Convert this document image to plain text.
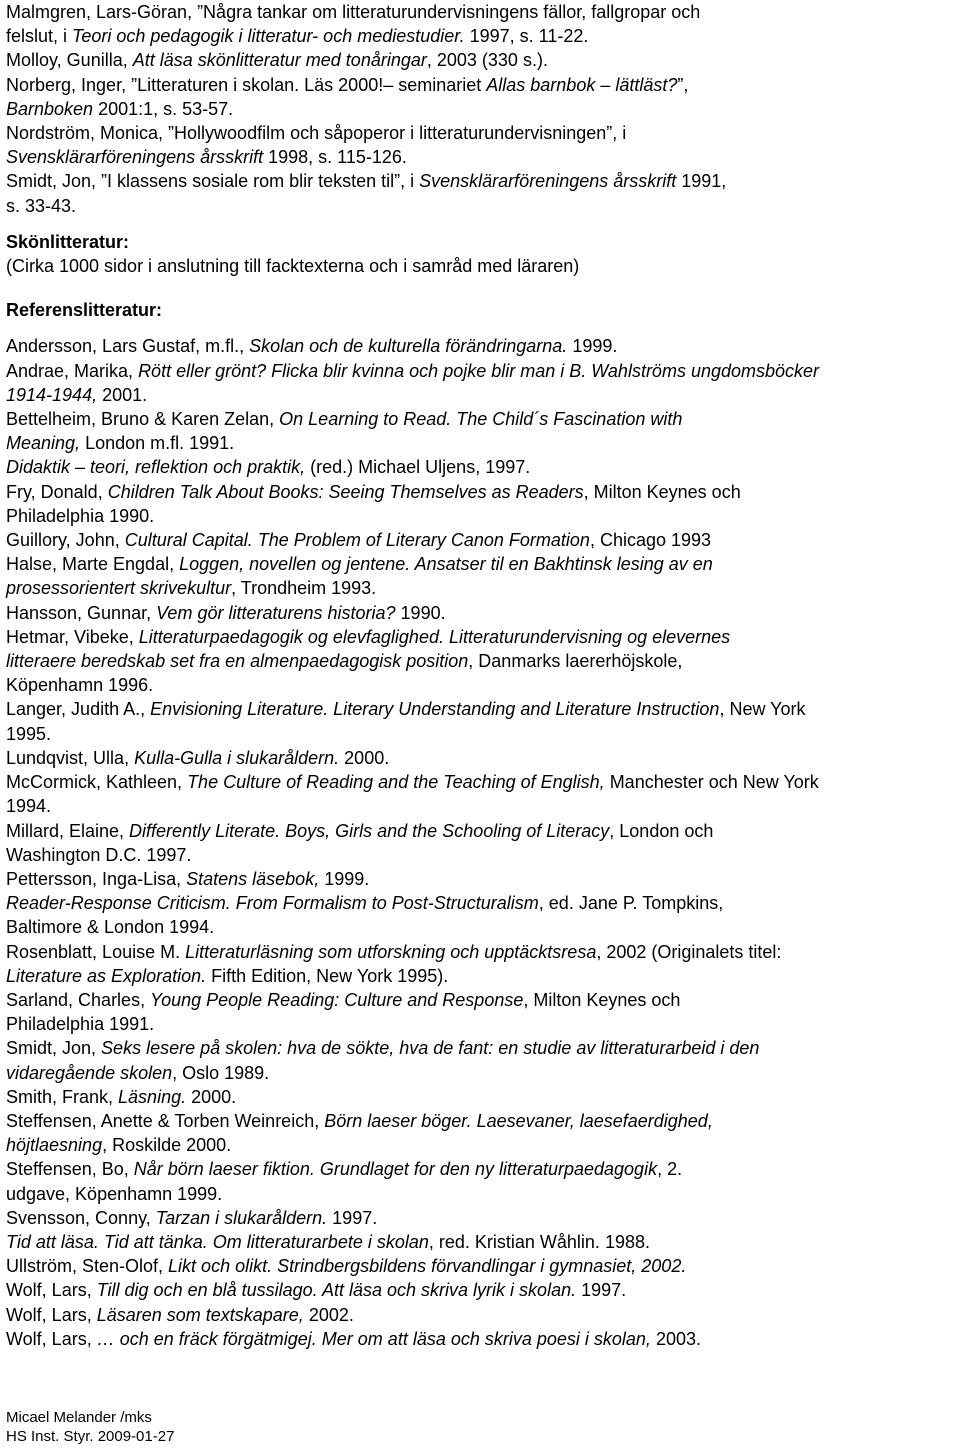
Malmgren, Lars-Göran, ”Några tankar om litteraturundervisningens fällor, fallgropar och
felslut, i Teori och pedagogik i litteratur- och mediestudier. 1997, s. 11-22.
Molloy, Gunilla, Att läsa skönlitteratur med tonåringar, 2003 (330 s.).
Norberg, Inger, ”Litteraturen i skolan. Läs 2000!– seminariet Allas barnbok – lättläst?”,
Barnboken 2001:1, s. 53-57.
Nordström, Monica, ”Hollywoodfilm och såpoperor i litteraturundervisningen”, i
Svensklärarföreningens årsskrift 1998, s. 115-126.
Smidt, Jon, ”I klassens sosiale rom blir teksten til”, i Svensklärarföreningens årsskrift 1991,
s. 33-43.
Skönlitteratur:
(Cirka 1000 sidor i anslutning till facktexterna och i samråd med läraren)
Referenslitteratur:
Andersson, Lars Gustaf, m.fl., Skolan och de kulturella förändringarna. 1999.
Andrae, Marika, Rött eller grönt? Flicka blir kvinna och pojke blir man i B. Wahlströms ungdomsböcker
1914-1944, 2001.
Bettelheim, Bruno & Karen Zelan, On Learning to Read. The Child´s Fascination with
Meaning, London m.fl. 1991.
Didaktik – teori, reflektion och praktik, (red.) Michael Uljens, 1997.
Fry, Donald, Children Talk About Books: Seeing Themselves as Readers, Milton Keynes och
Philadelphia 1990.
Guillory, John, Cultural Capital. The Problem of Literary Canon Formation, Chicago 1993
Halse, Marte Engdal, Loggen, novellen og jentene. Ansatser til en Bakhtinsk lesing av en
prosessorientert skrivekultur, Trondheim 1993.
Hansson, Gunnar, Vem gör litteraturens historia? 1990.
Hetmar, Vibeke, Litteraturpaedagogik og elevfaglighed. Litteraturundervisning og elevernes
litteraere beredskab set fra en almenpaedagogisk position, Danmarks laererhöjskole,
Köpenhamn 1996.
Langer, Judith A., Envisioning Literature. Literary Understanding and Literature Instruction, New York
1995.
Lundqvist, Ulla, Kulla-Gulla i slukaråldern. 2000.
McCormick, Kathleen, The Culture of Reading and the Teaching of English, Manchester och New York
1994.
Millard, Elaine, Differently Literate. Boys, Girls and the Schooling of Literacy, London och
Washington D.C. 1997.
Pettersson, Inga-Lisa, Statens läsebok, 1999.
Reader-Response Criticism. From Formalism to Post-Structuralism, ed. Jane P. Tompkins,
Baltimore & London 1994.
Rosenblatt, Louise M. Litteraturläsning som utforskning och upptäcktsresa, 2002 (Originalets titel:
Literature as Exploration. Fifth Edition, New York 1995).
Sarland, Charles, Young People Reading: Culture and Response, Milton Keynes och
Philadelphia 1991.
Smidt, Jon, Seks lesere på skolen: hva de sökte, hva de fant: en studie av litteraturarbeid i den
vidaregående skolen, Oslo 1989.
Smith, Frank, Läsning. 2000.
Steffensen, Anette & Torben Weinreich, Börn laeser böger. Laesevaner, laesefaerdighed,
höjtlaesning, Roskilde 2000.
Steffensen, Bo, Når börn laeser fiktion. Grundlaget for den ny litteraturpaedagogik, 2.
udgave, Köpenhamn 1999.
Svensson, Conny, Tarzan i slukaråldern. 1997.
Tid att läsa. Tid att tänka. Om litteraturarbete i skolan, red. Kristian Wåhlin. 1988.
Ullström, Sten-Olof, Likt och olikt. Strindbergsbildens förvandlingar i gymnasiet, 2002.
Wolf, Lars, Till dig och en blå tussilago. Att läsa och skriva lyrik i skolan. 1997.
Wolf, Lars, Läsaren som textskapare, 2002.
Wolf, Lars, … och en fräck förgätmigej. Mer om att läsa och skriva poesi i skolan, 2003.
Micael Melander /mks
HS Inst. Styr. 2009-01-27
